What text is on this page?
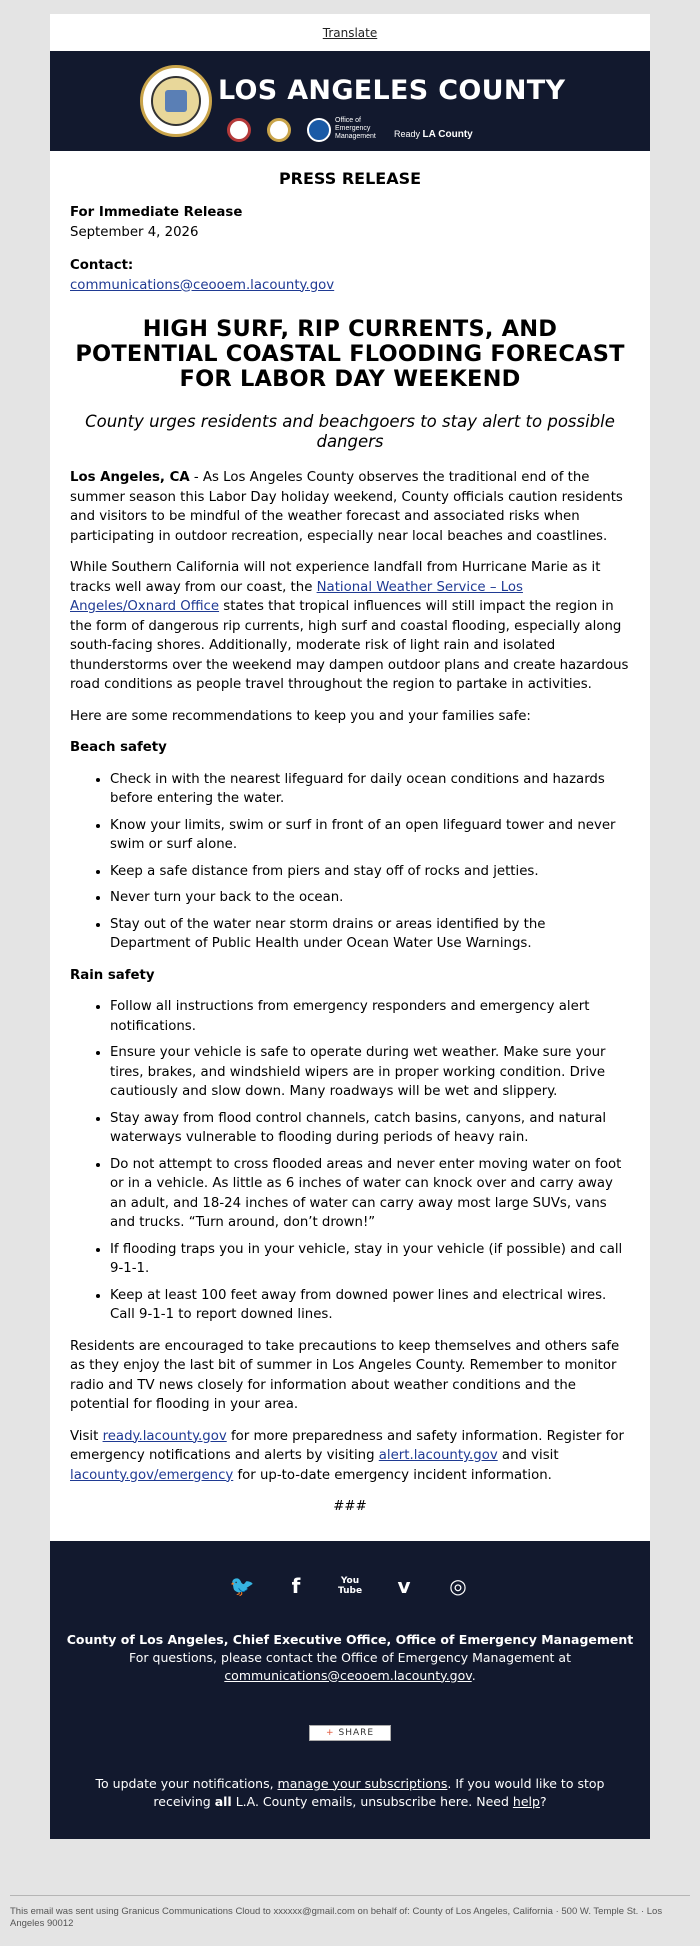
Translate
LOS ANGELES COUNTY
Office of
Emergency
Management Ready LA County
PRESS RELEASE
For Immediate Release
September 4, 2026
Contact:
communications@ceooem.lacounty.gov
HIGH SURF, RIP CURRENTS, AND POTENTIAL COASTAL FLOODING FORECAST FOR LABOR DAY WEEKEND
County urges residents and beachgoers to stay alert to possible dangers

Los Angeles, CA - As Los Angeles County observes the traditional end of the summer season this Labor Day holiday weekend, County officials caution residents and visitors to be mindful of the weather forecast and associated risks when participating in outdoor recreation, especially near local beaches and coastlines.

While Southern California will not experience landfall from Hurricane Marie as it tracks well away from our coast, the National Weather Service – Los Angeles/Oxnard Office states that tropical influences will still impact the region in the form of dangerous rip currents, high surf and coastal flooding, especially along south-facing shores. Additionally, moderate risk of light rain and isolated thunderstorms over the weekend may dampen outdoor plans and create hazardous road conditions as people travel throughout the region to partake in activities.

Here are some recommendations to keep you and your families safe:

Beach safety
• Check in with the nearest lifeguard for daily ocean conditions and hazards before entering the water.
• Know your limits, swim or surf in front of an open lifeguard tower and never swim or surf alone.
• Keep a safe distance from piers and stay off of rocks and jetties.
• Never turn your back to the ocean.
• Stay out of the water near storm drains or areas identified by the Department of Public Health under Ocean Water Use Warnings.
Rain safety
• Follow all instructions from emergency responders and emergency alert notifications.
• Ensure your vehicle is safe to operate during wet weather. Make sure your tires, brakes, and windshield wipers are in proper working condition. Drive cautiously and slow down. Many roadways will be wet and slippery.
• Stay away from flood control channels, catch basins, canyons, and natural waterways vulnerable to flooding during periods of heavy rain.
• Do not attempt to cross flooded areas and never enter moving water on foot or in a vehicle. As little as 6 inches of water can knock over and carry away an adult, and 18-24 inches of water can carry away most large SUVs, vans and trucks. “Turn around, don’t drown!”
• If flooding traps you in your vehicle, stay in your vehicle (if possible) and call 9-1-1.
• Keep at least 100 feet away from downed power lines and electrical wires. Call 9-1-1 to report downed lines.

Residents are encouraged to take precautions to keep themselves and others safe as they enjoy the last bit of summer in Los Angeles County. Remember to monitor radio and TV news closely for information about weather conditions and the potential for flooding in your area.

Visit ready.lacounty.gov for more preparedness and safety information. Register for emergency notifications and alerts by visiting alert.lacounty.gov and visit lacounty.gov/emergency for up-to-date emergency incident information.

###
🐦	f	You Tube	v	◎
County of Los Angeles, Chief Executive Office, Office of Emergency Management
For questions, please contact the Office of Emergency Management at
communications@ceooem.lacounty.gov.
+ SHARE
To update your notifications, manage your subscriptions. If you would like to stop receiving all L.A. County emails, unsubscribe here. Need help?
This email was sent using Granicus Communications Cloud to xxxxxx@gmail.com on behalf of: County of Los Angeles, California · 500 W. Temple St. · Los Angeles 90012
